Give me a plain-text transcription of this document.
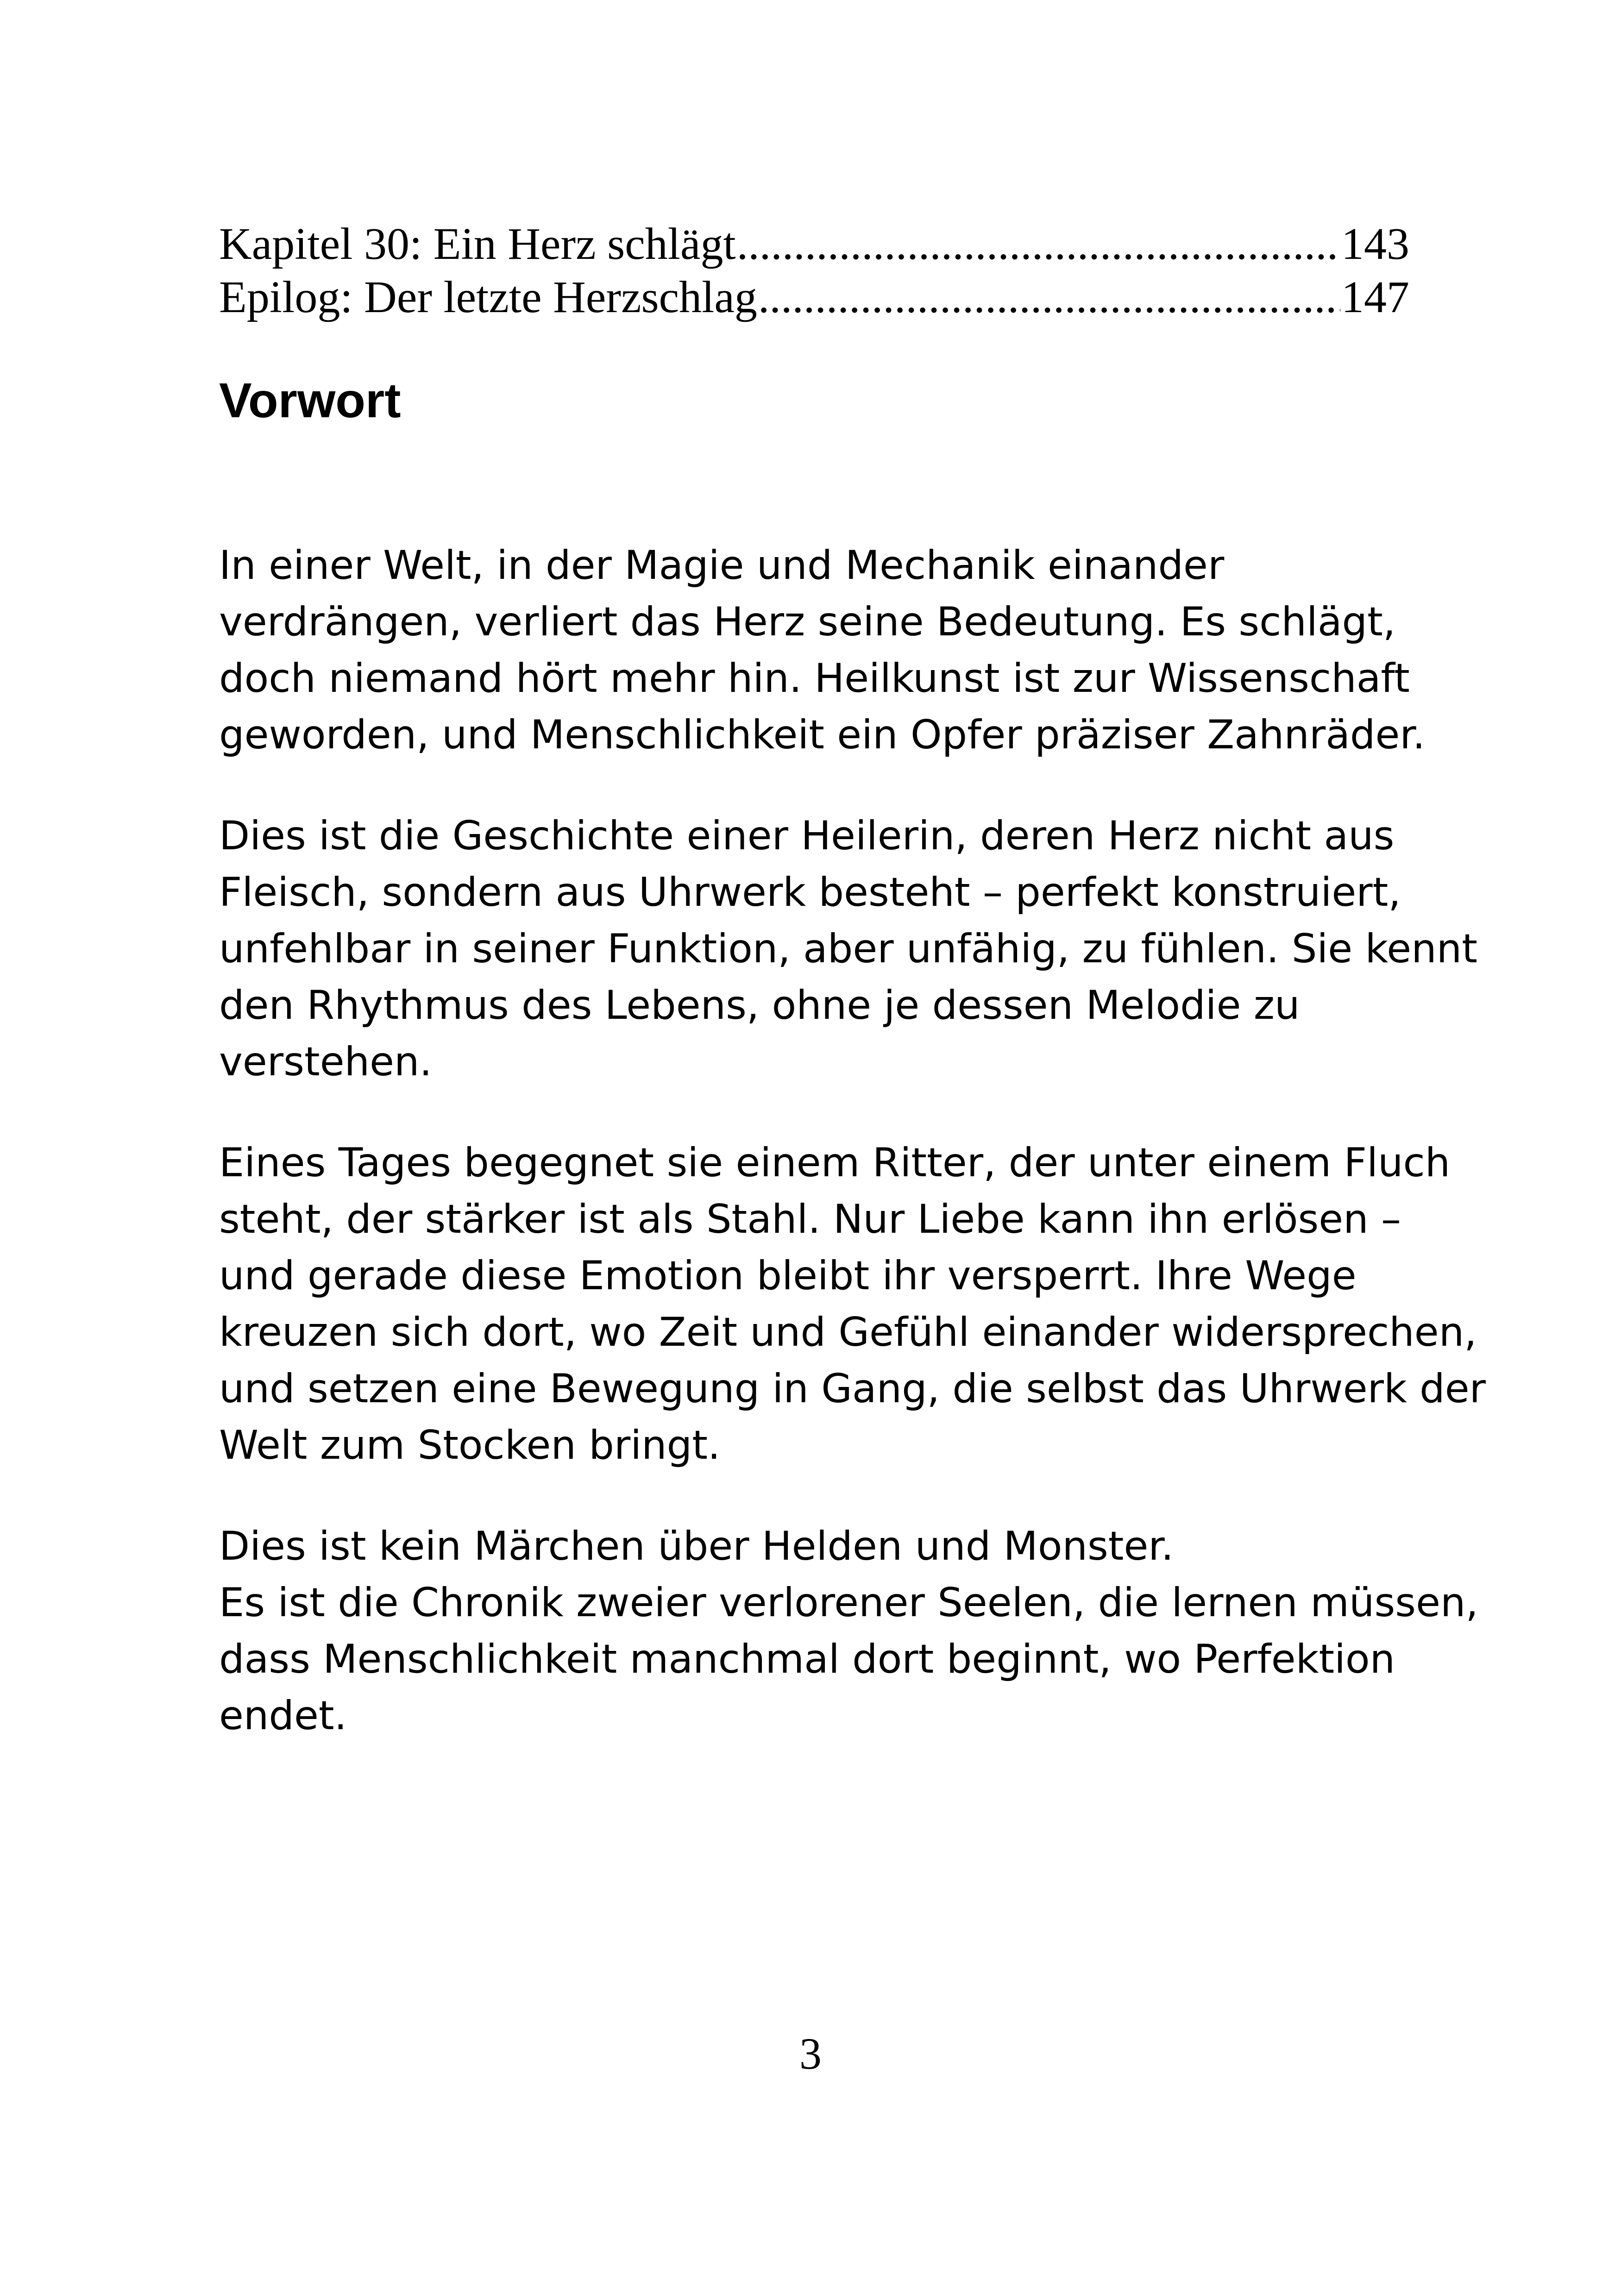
Kapitel 30: Ein Herz schlägt .....	143
Epilog: Der letzte Herzschlag .....	147
Vorwort

In einer Welt, in der Magie und Mechanik einander
verdrängen, verliert das Herz seine Bedeutung. Es schlägt,
doch niemand hört mehr hin. Heilkunst ist zur Wissenschaft
geworden, und Menschlichkeit ein Opfer präziser Zahnräder.

Dies ist die Geschichte einer Heilerin, deren Herz nicht aus
Fleisch, sondern aus Uhrwerk besteht – perfekt konstruiert,
unfehlbar in seiner Funktion, aber unfähig, zu fühlen. Sie kennt
den Rhythmus des Lebens, ohne je dessen Melodie zu
verstehen.

Eines Tages begegnet sie einem Ritter, der unter einem Fluch
steht, der stärker ist als Stahl. Nur Liebe kann ihn erlösen –
und gerade diese Emotion bleibt ihr versperrt. Ihre Wege
kreuzen sich dort, wo Zeit und Gefühl einander widersprechen,
und setzen eine Bewegung in Gang, die selbst das Uhrwerk der
Welt zum Stocken bringt.

Dies ist kein Märchen über Helden und Monster.
Es ist die Chronik zweier verlorener Seelen, die lernen müssen,
dass Menschlichkeit manchmal dort beginnt, wo Perfektion
endet.

3
